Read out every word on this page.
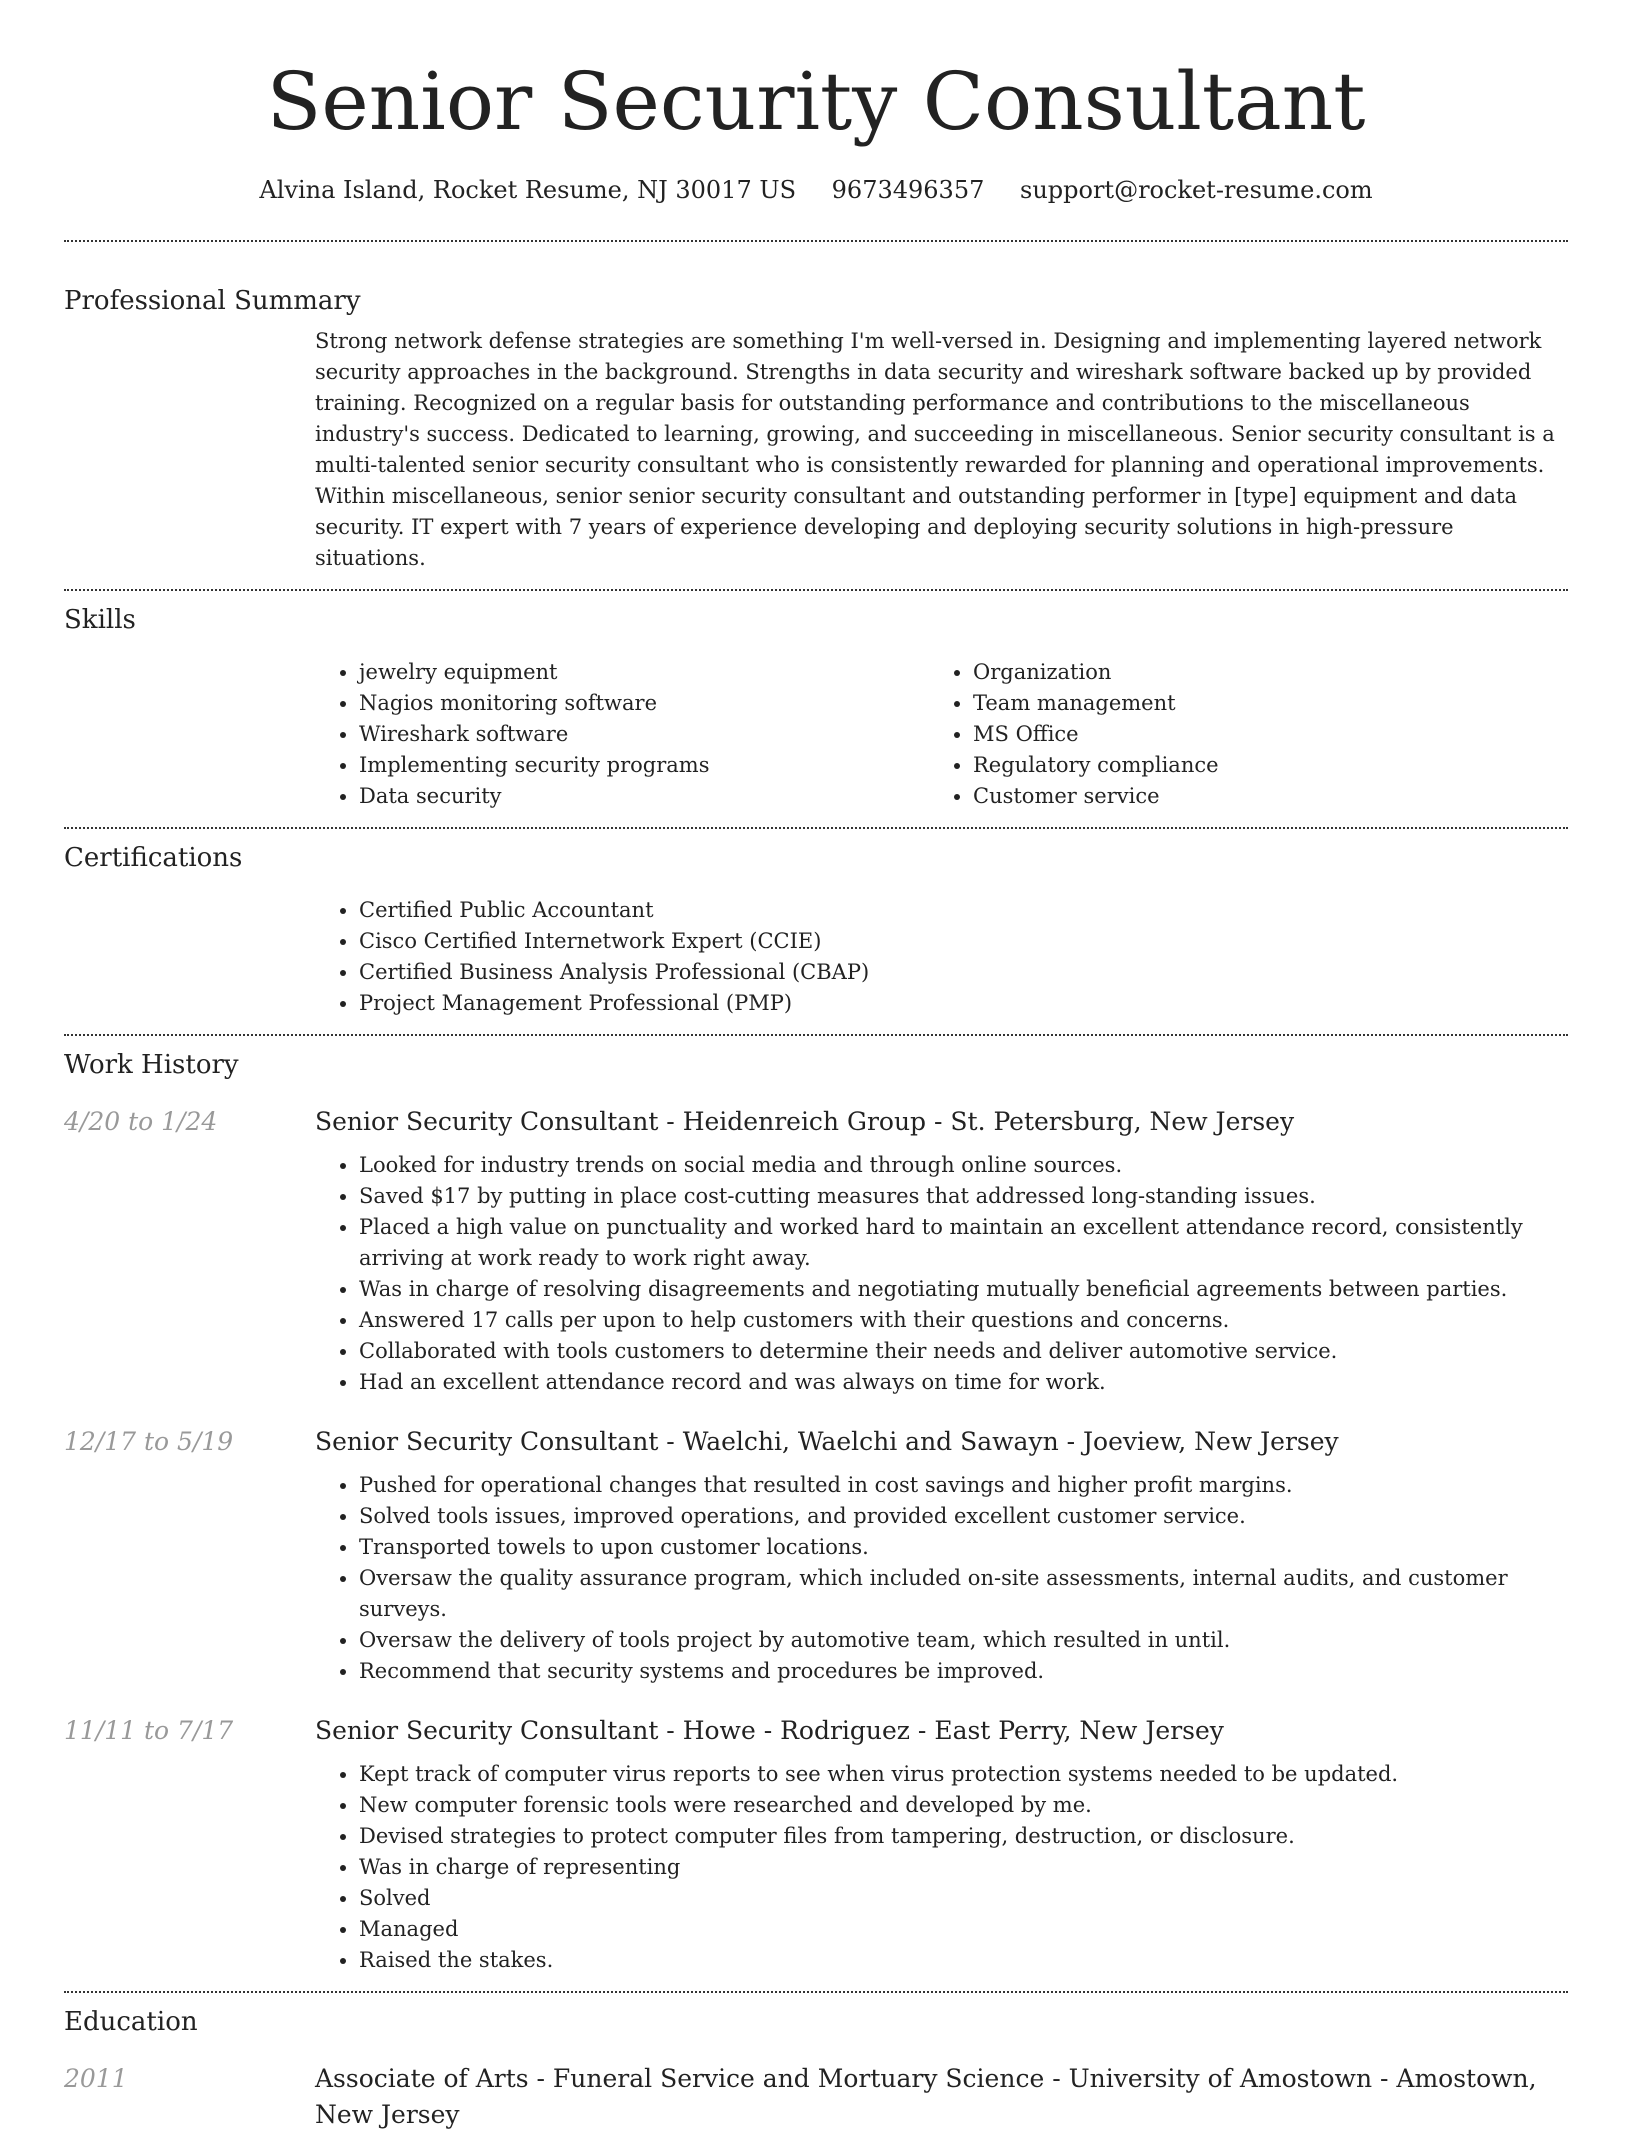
Senior Security Consultant
Alvina Island, Rocket Resume, NJ 30017 US 9673496357 support@rocket-resume.com
Professional Summary

Strong network defense strategies are something I'm well-versed in. Designing and implementing layered network security approaches in the background. Strengths in data security and wireshark software backed up by provided training. Recognized on a regular basis for outstanding performance and contributions to the miscellaneous industry's success. Dedicated to learning, growing, and succeeding in miscellaneous. Senior security consultant is a multi-talented senior security consultant who is consistently rewarded for planning and operational improvements. Within miscellaneous, senior senior security consultant and outstanding performer in [type] equipment and data security. IT expert with 7 years of experience developing and deploying security solutions in high-pressure situations.

Skills
• jewelry equipment
• Nagios monitoring software
• Wireshark software
• Implementing security programs
• Data security
• Organization
• Team management
• MS Office
• Regulatory compliance
• Customer service
Certifications
• Certified Public Accountant
• Cisco Certified Internetwork Expert (CCIE)
• Certified Business Analysis Professional (CBAP)
• Project Management Professional (PMP)
Work History
4/20 to 1/24	Senior Security Consultant - Heidenreich Group - St. Petersburg, New Jersey
• Looked for industry trends on social media and through online sources.
• Saved $17 by putting in place cost-cutting measures that addressed long-standing issues.
• Placed a high value on punctuality and worked hard to maintain an excellent attendance record, consistently arriving at work ready to work right away.
• Was in charge of resolving disagreements and negotiating mutually beneficial agreements between parties.
• Answered 17 calls per upon to help customers with their questions and concerns.
• Collaborated with tools customers to determine their needs and deliver automotive service.
• Had an excellent attendance record and was always on time for work.
12/17 to 5/19	Senior Security Consultant - Waelchi, Waelchi and Sawayn - Joeview, New Jersey
• Pushed for operational changes that resulted in cost savings and higher profit margins.
• Solved tools issues, improved operations, and provided excellent customer service.
• Transported towels to upon customer locations.
• Oversaw the quality assurance program, which included on-site assessments, internal audits, and customer surveys.
• Oversaw the delivery of tools project by automotive team, which resulted in until.
• Recommend that security systems and procedures be improved.
11/11 to 7/17	Senior Security Consultant - Howe - Rodriguez - East Perry, New Jersey
• Kept track of computer virus reports to see when virus protection systems needed to be updated.
• New computer forensic tools were researched and developed by me.
• Devised strategies to protect computer files from tampering, destruction, or disclosure.
• Was in charge of representing
• Solved
• Managed
• Raised the stakes.
Education
2011	Associate of Arts - Funeral Service and Mortuary Science - University of Amostown - Amostown, New Jersey
